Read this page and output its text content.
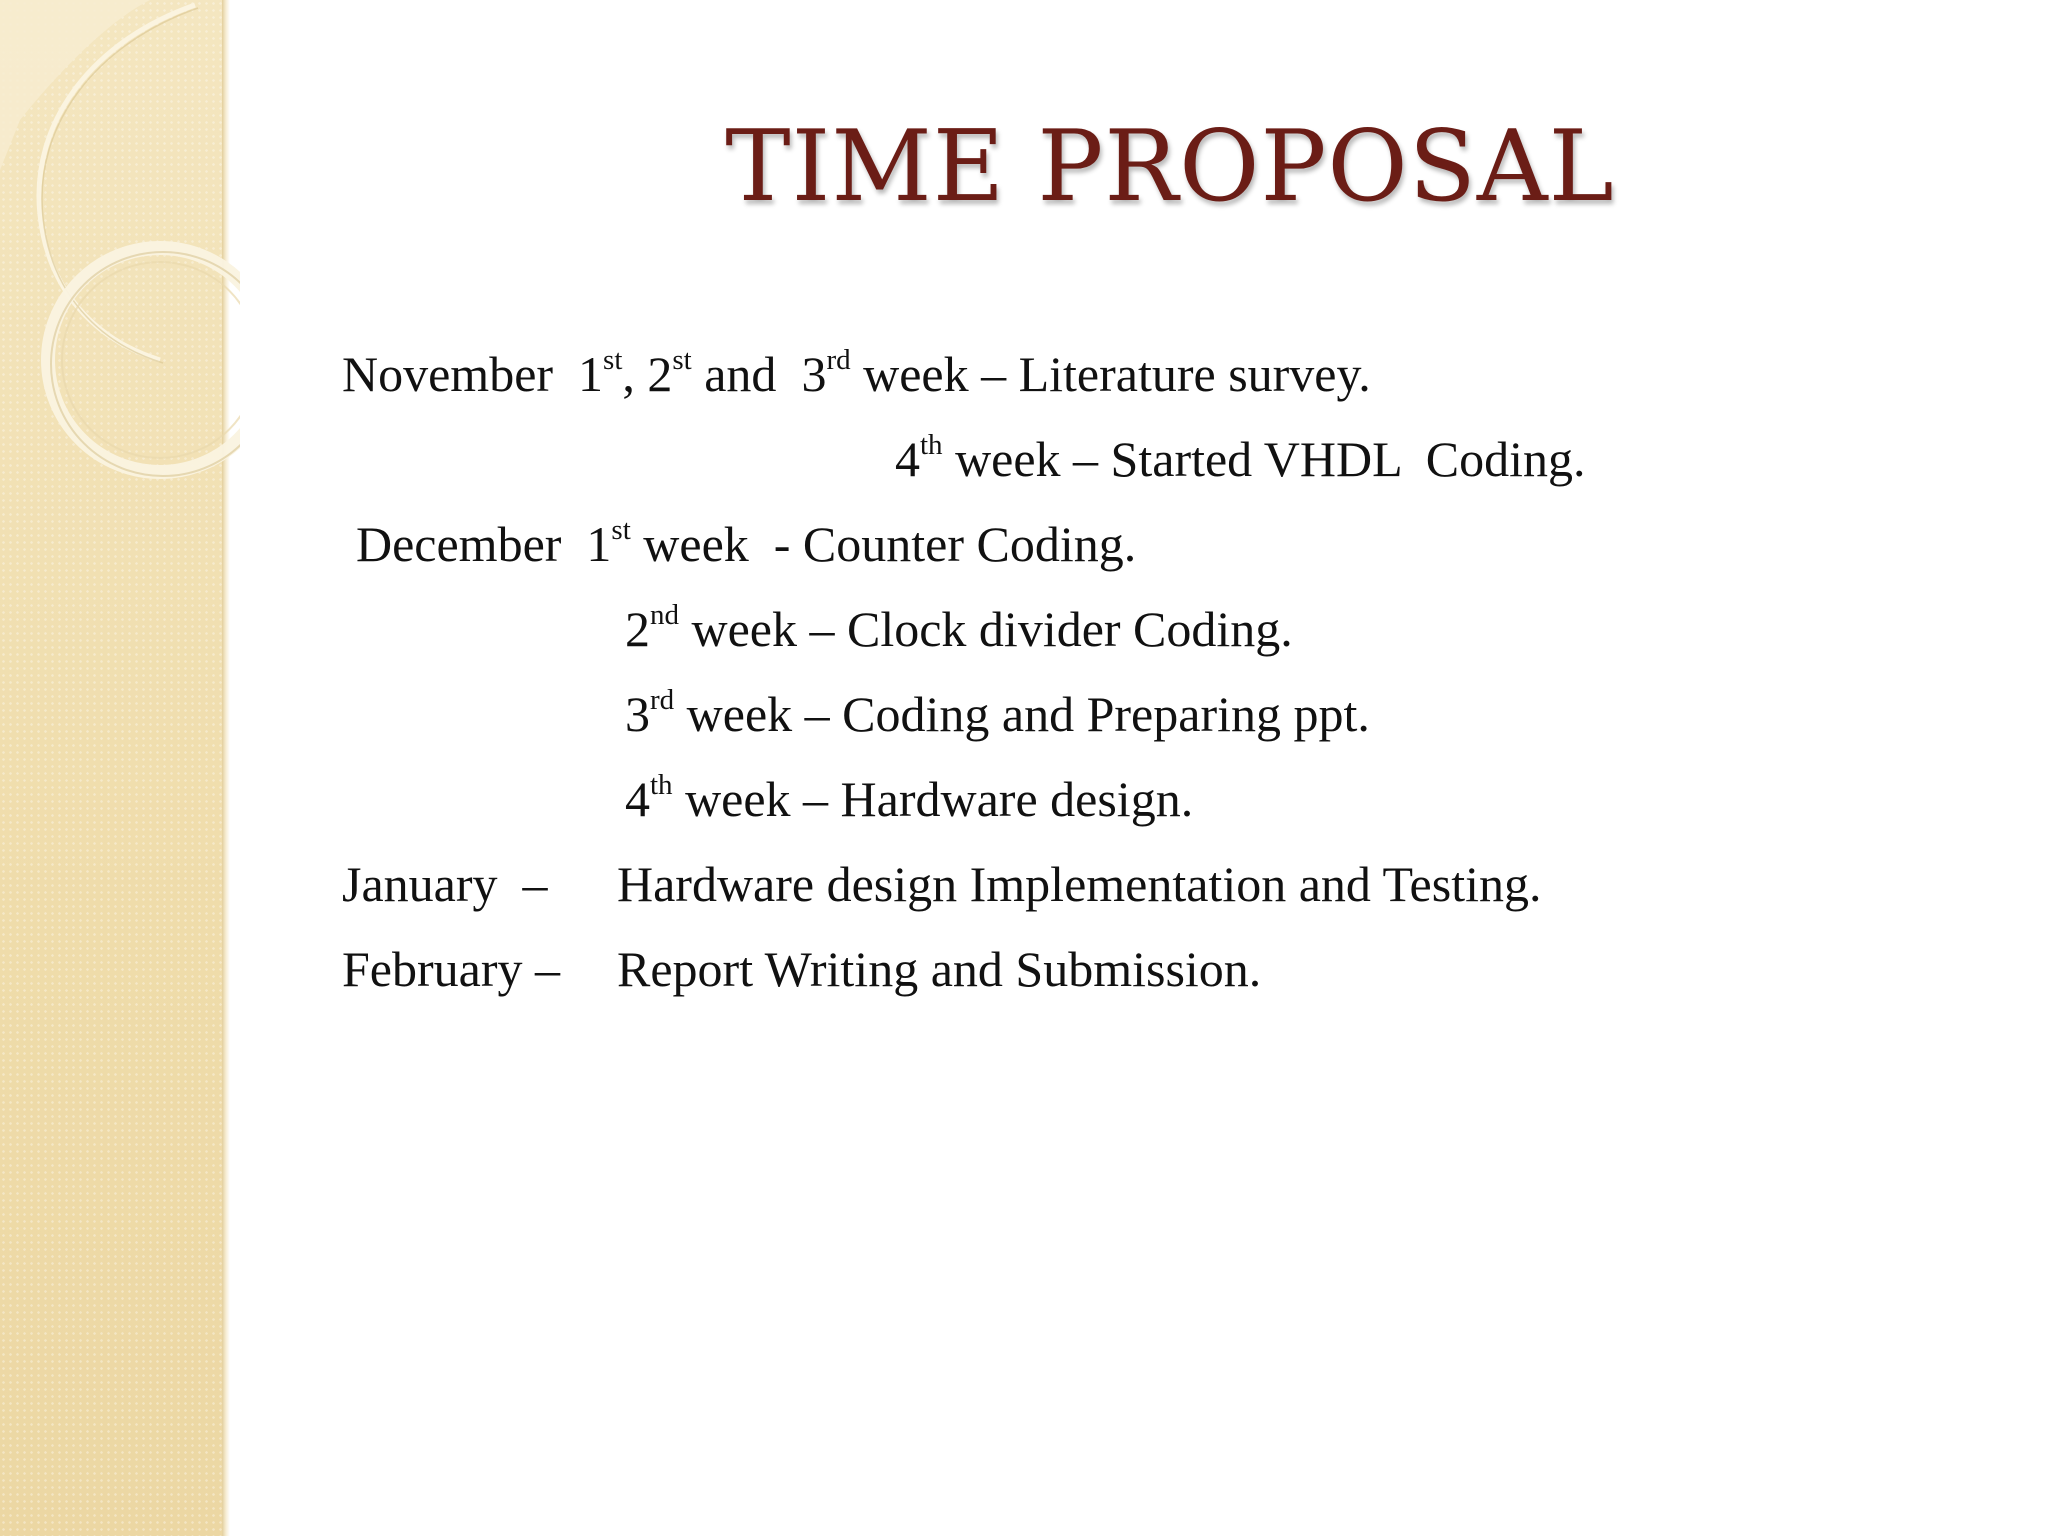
TIME PROPOSAL
November 1st, 2st and  3rd week – Literature survey.
4th week – Started VHDL  Coding.
December 1st week  - Counter Coding.
2nd week – Clock divider Coding.
3rd week – Coding and Preparing ppt.
4th week – Hardware design.
January  – Hardware design Implementation and Testing.
February – Report Writing and Submission.
